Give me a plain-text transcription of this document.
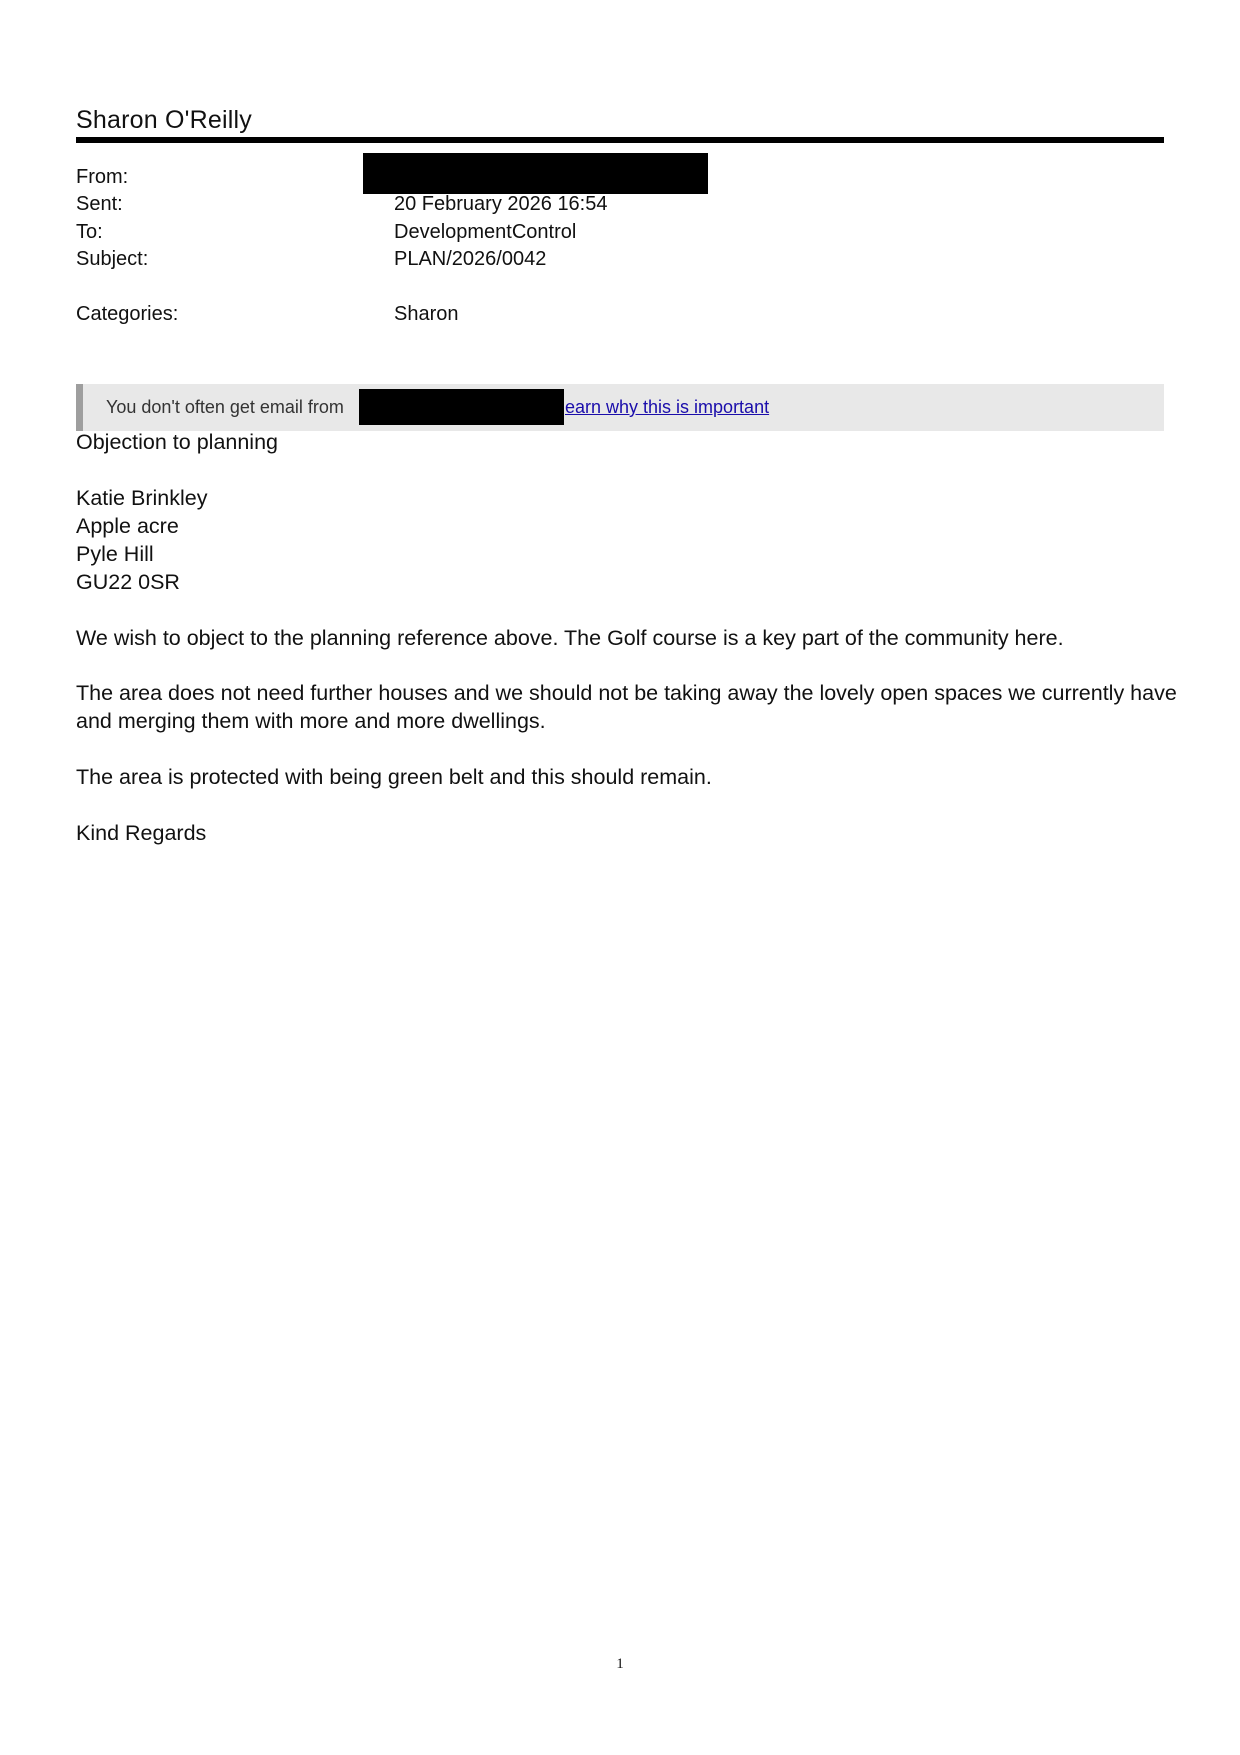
Sharon O'Reilly
From:
Sent:	20 February 2026 16:54
To:	DevelopmentControl
Subject:	PLAN/2026/0042
Categories:	Sharon
You don't often get email from	earn why this is important
Objection to planning
Katie Brinkley
Apple acre
Pyle Hill
GU22 0SR
We wish to object to the planning reference above. The Golf course is a key part of the community here.
The area does not need further houses and we should not be taking away the lovely open spaces we currently have
and merging them with more and more dwellings.
The area is protected with being green belt and this should remain.
Kind Regards
1
